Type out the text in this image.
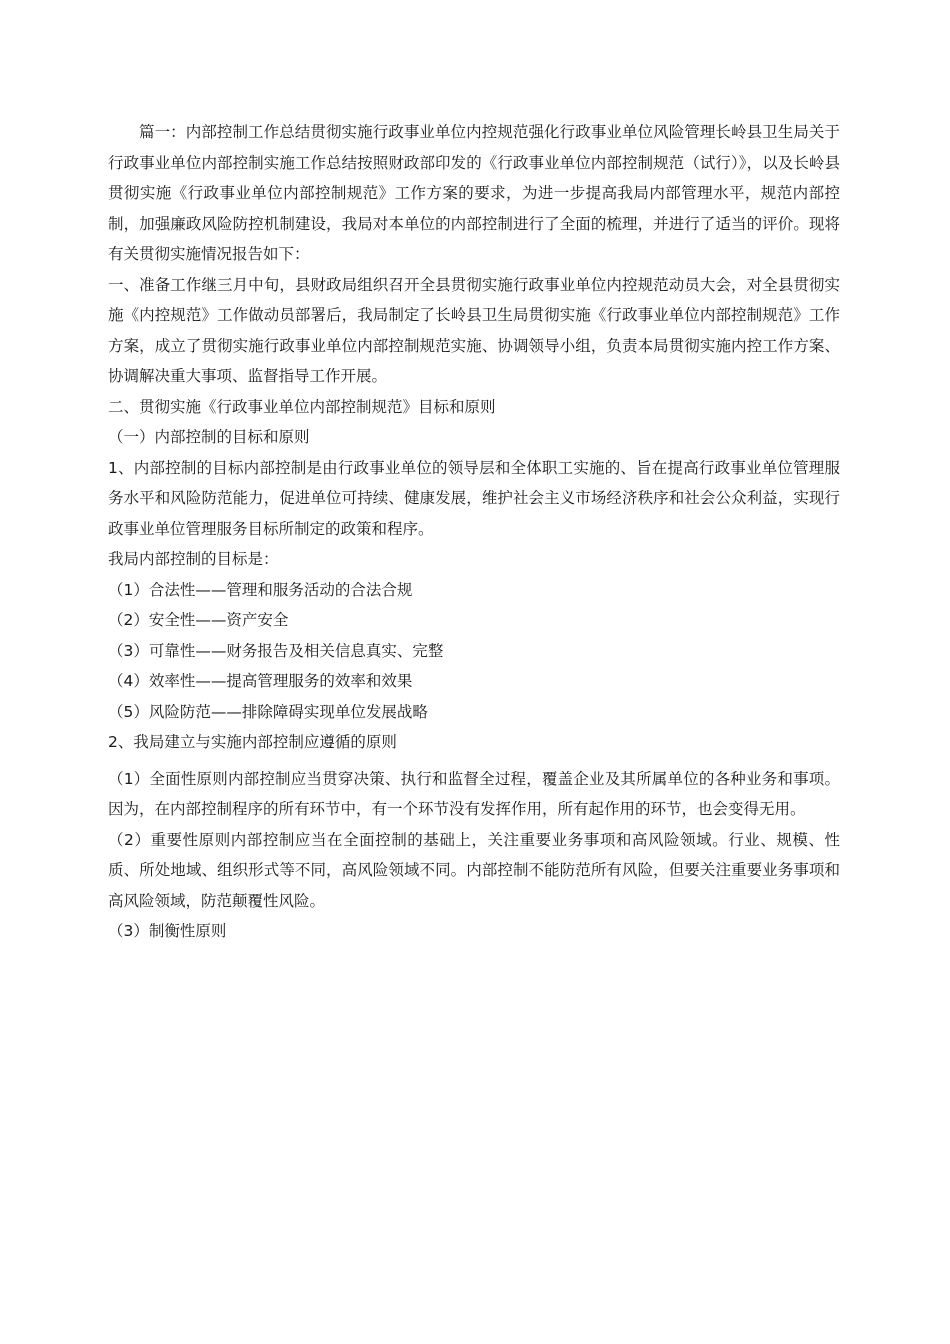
篇一：内部控制工作总结贯彻实施行政事业单位内控规范强化行政事业单位风险管理长岭县卫生局关于行政事业单位内部控制实施工作总结按照财政部印发的《行政事业单位内部控制规范（试行）》，以及长岭县贯彻实施《行政事业单位内部控制规范》工作方案的要求，为进一步提高我局内部管理水平，规范内部控制，加强廉政风险防控机制建设，我局对本单位的内部控制进行了全面的梳理，并进行了适当的评价。现将有关贯彻实施情况报告如下：

一、准备工作继三月中旬，县财政局组织召开全县贯彻实施行政事业单位内控规范动员大会，对全县贯彻实施《内控规范》工作做动员部署后，我局制定了长岭县卫生局贯彻实施《行政事业单位内部控制规范》工作方案，成立了贯彻实施行政事业单位内部控制规范实施、协调领导小组，负责本局贯彻实施内控工作方案、协调解决重大事项、监督指导工作开展。

二、贯彻实施《行政事业单位内部控制规范》目标和原则

（一）内部控制的目标和原则

1、内部控制的目标内部控制是由行政事业单位的领导层和全体职工实施的、旨在提高行政事业单位管理服务水平和风险防范能力，促进单位可持续、健康发展，维护社会主义市场经济秩序和社会公众利益，实现行政事业单位管理服务目标所制定的政策和程序。

我局内部控制的目标是：

（1）合法性——管理和服务活动的合法合规

（2）安全性——资产安全

（3）可靠性——财务报告及相关信息真实、完整

（4）效率性——提高管理服务的效率和效果

（5）风险防范——排除障碍实现单位发展战略

2、我局建立与实施内部控制应遵循的原则

（1）全面性原则内部控制应当贯穿决策、执行和监督全过程，覆盖企业及其所属单位的各种业务和事项。因为，在内部控制程序的所有环节中，有一个环节没有发挥作用，所有起作用的环节，也会变得无用。

（2）重要性原则内部控制应当在全面控制的基础上，关注重要业务事项和高风险领域。行业、规模、性质、所处地域、组织形式等不同，高风险领域不同。内部控制不能防范所有风险，但要关注重要业务事项和高风险领域，防范颠覆性风险。

（3）制衡性原则
